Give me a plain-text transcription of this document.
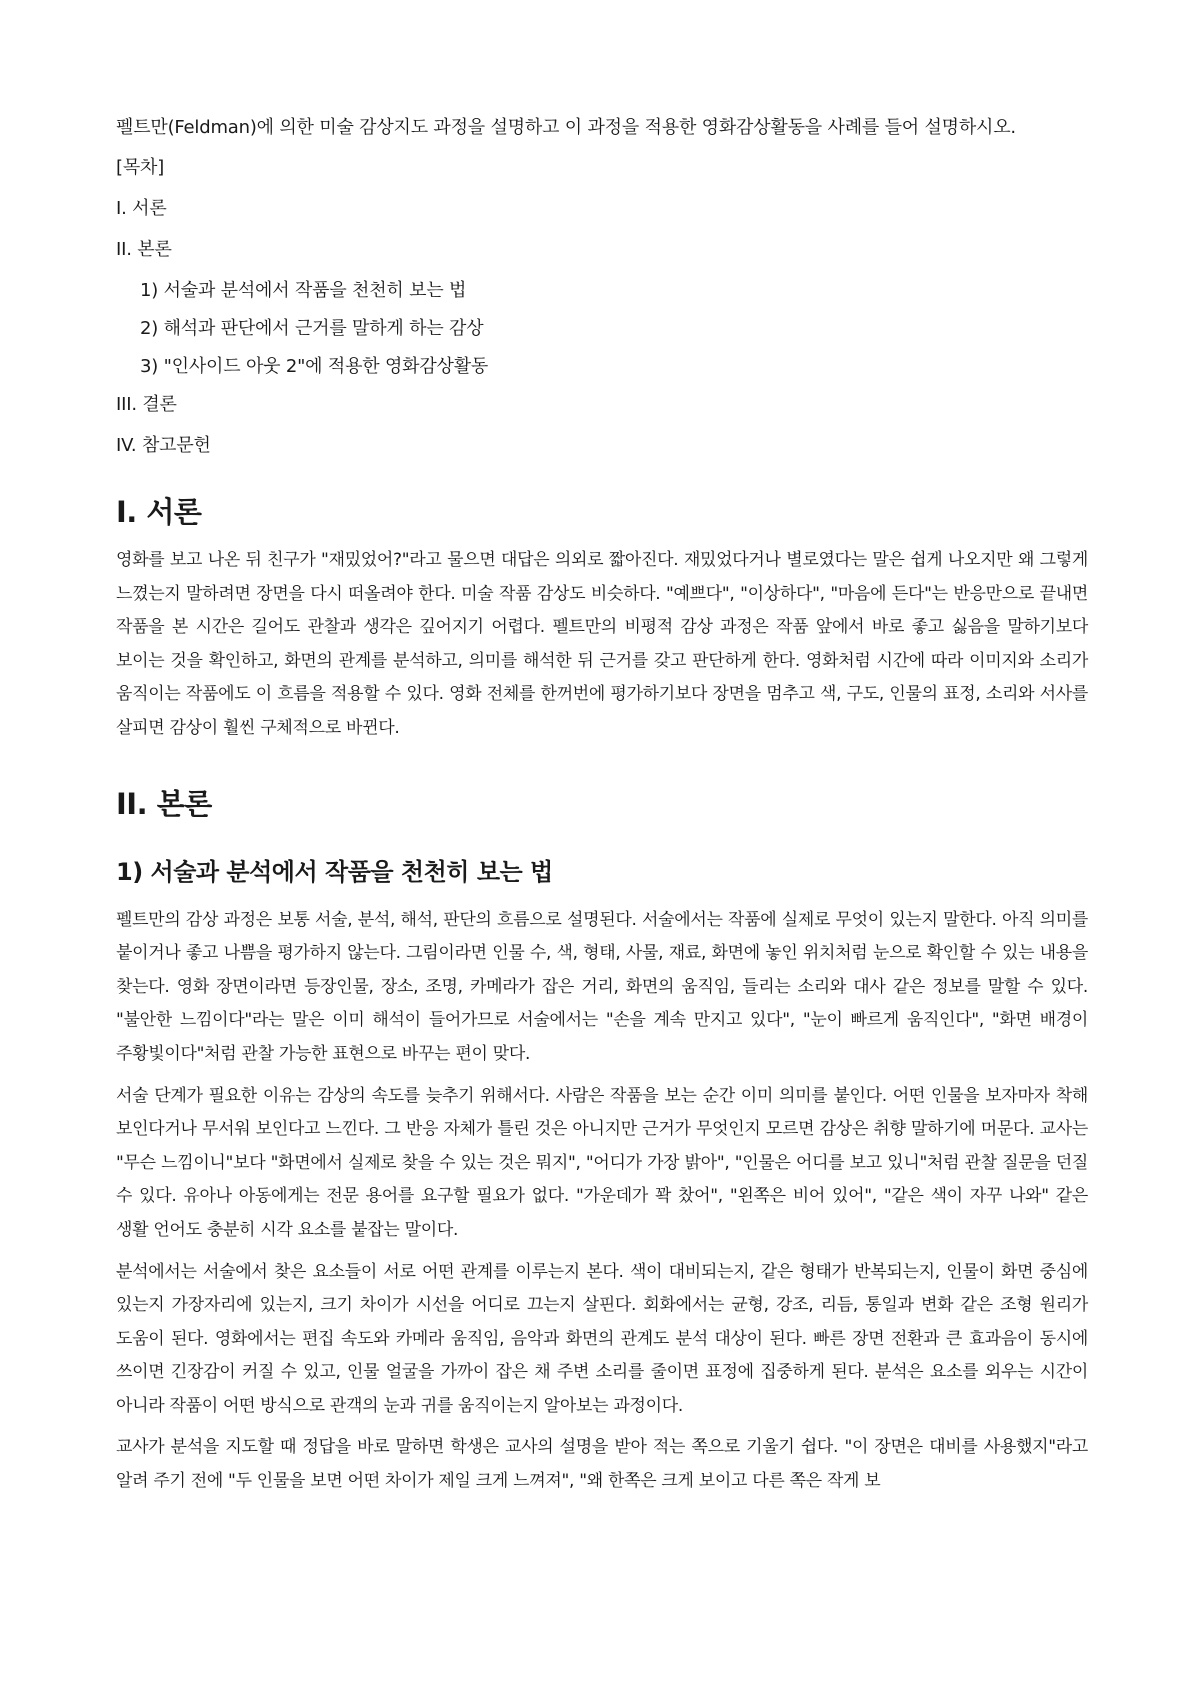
펠트만(Feldman)에 의한 미술 감상지도 과정을 설명하고 이 과정을 적용한 영화감상활동을 사례를 들어 설명하시오.

[목차]
I. 서론
II. 본론
1) 서술과 분석에서 작품을 천천히 보는 법
2) 해석과 판단에서 근거를 말하게 하는 감상
3) "인사이드 아웃 2"에 적용한 영화감상활동
III. 결론
IV. 참고문헌
I. 서론

영화를 보고 나온 뒤 친구가 "재밌었어?"라고 물으면 대답은 의외로 짧아진다. 재밌었다거나 별로였다는 말은 쉽게 나오지만 왜 그렇게 느꼈는지 말하려면 장면을 다시 떠올려야 한다. 미술 작품 감상도 비슷하다. "예쁘다", "이상하다", "마음에 든다"는 반응만으로 끝내면 작품을 본 시간은 길어도 관찰과 생각은 깊어지기 어렵다. 펠트만의 비평적 감상 과정은 작품 앞에서 바로 좋고 싫음을 말하기보다 보이는 것을 확인하고, 화면의 관계를 분석하고, 의미를 해석한 뒤 근거를 갖고 판단하게 한다. 영화처럼 시간에 따라 이미지와 소리가 움직이는 작품에도 이 흐름을 적용할 수 있다. 영화 전체를 한꺼번에 평가하기보다 장면을 멈추고 색, 구도, 인물의 표정, 소리와 서사를 살피면 감상이 훨씬 구체적으로 바뀐다.

II. 본론
1) 서술과 분석에서 작품을 천천히 보는 법

펠트만의 감상 과정은 보통 서술, 분석, 해석, 판단의 흐름으로 설명된다. 서술에서는 작품에 실제로 무엇이 있는지 말한다. 아직 의미를 붙이거나 좋고 나쁨을 평가하지 않는다. 그림이라면 인물 수, 색, 형태, 사물, 재료, 화면에 놓인 위치처럼 눈으로 확인할 수 있는 내용을 찾는다. 영화 장면이라면 등장인물, 장소, 조명, 카메라가 잡은 거리, 화면의 움직임, 들리는 소리와 대사 같은 정보를 말할 수 있다. "불안한 느낌이다"라는 말은 이미 해석이 들어가므로 서술에서는 "손을 계속 만지고 있다", "눈이 빠르게 움직인다", "화면 배경이 주황빛이다"처럼 관찰 가능한 표현으로 바꾸는 편이 맞다.

서술 단계가 필요한 이유는 감상의 속도를 늦추기 위해서다. 사람은 작품을 보는 순간 이미 의미를 붙인다. 어떤 인물을 보자마자 착해 보인다거나 무서워 보인다고 느낀다. 그 반응 자체가 틀린 것은 아니지만 근거가 무엇인지 모르면 감상은 취향 말하기에 머문다. 교사는 "무슨 느낌이니"보다 "화면에서 실제로 찾을 수 있는 것은 뭐지", "어디가 가장 밝아", "인물은 어디를 보고 있니"처럼 관찰 질문을 던질 수 있다. 유아나 아동에게는 전문 용어를 요구할 필요가 없다. "가운데가 꽉 찼어", "왼쪽은 비어 있어", "같은 색이 자꾸 나와" 같은 생활 언어도 충분히 시각 요소를 붙잡는 말이다.

분석에서는 서술에서 찾은 요소들이 서로 어떤 관계를 이루는지 본다. 색이 대비되는지, 같은 형태가 반복되는지, 인물이 화면 중심에 있는지 가장자리에 있는지, 크기 차이가 시선을 어디로 끄는지 살핀다. 회화에서는 균형, 강조, 리듬, 통일과 변화 같은 조형 원리가 도움이 된다. 영화에서는 편집 속도와 카메라 움직임, 음악과 화면의 관계도 분석 대상이 된다. 빠른 장면 전환과 큰 효과음이 동시에 쓰이면 긴장감이 커질 수 있고, 인물 얼굴을 가까이 잡은 채 주변 소리를 줄이면 표정에 집중하게 된다. 분석은 요소를 외우는 시간이 아니라 작품이 어떤 방식으로 관객의 눈과 귀를 움직이는지 알아보는 과정이다.

교사가 분석을 지도할 때 정답을 바로 말하면 학생은 교사의 설명을 받아 적는 쪽으로 기울기 쉽다. "이 장면은 대비를 사용했지"라고 알려 주기 전에 "두 인물을 보면 어떤 차이가 제일 크게 느껴져", "왜 한쪽은 크게 보이고 다른 쪽은 작게 보
